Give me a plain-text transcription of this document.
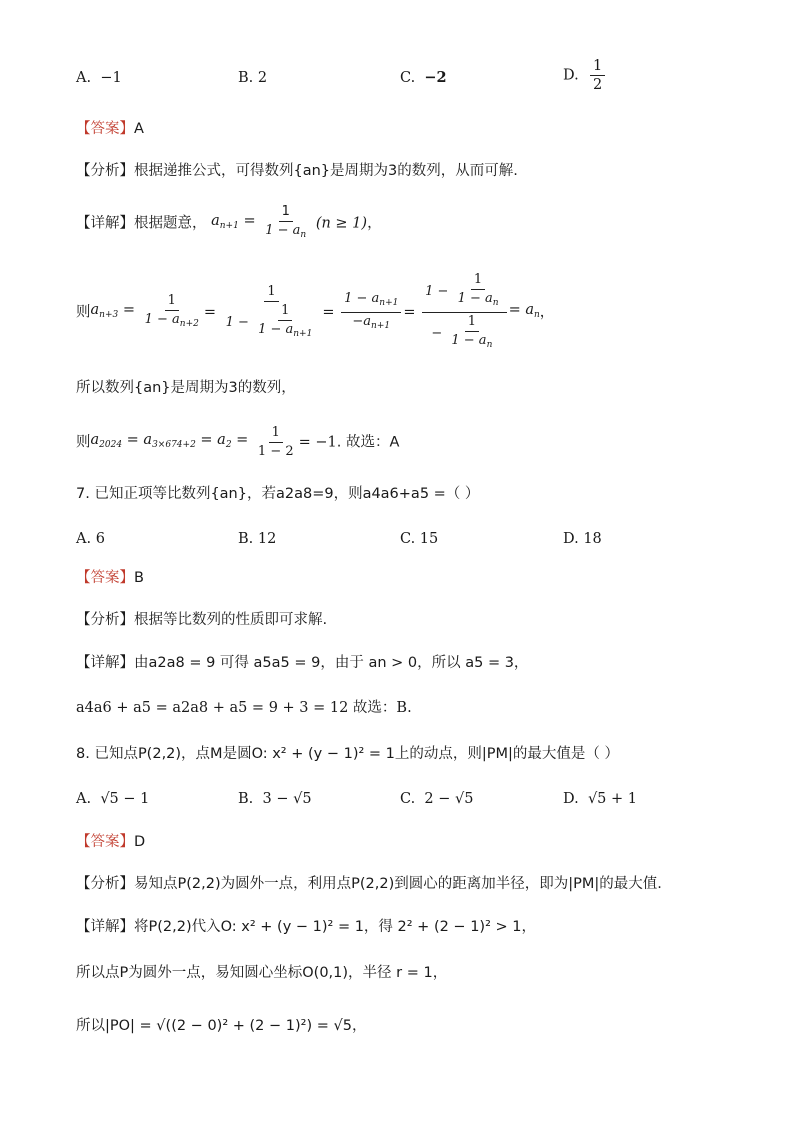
A. −1	B. 2	C. −2	D. $\frac{1}{2}$
【答案】A
【分析】根据递推公式，可得数列{an}是周期为3的数列，从而可解.
【详解】根据题意， $a_{n+1} = \frac{1}{1 - a_n} (n \ge 1)$，
则$a_{n+3} = \frac{1}{1 - a_{n+2}} = \frac{1}{1 - \frac{1}{1 - a_{n+1}}} = \frac{1 - a_{n+1}}{-a_{n+1}} = \frac{1 - \frac{1}{1 - a_n}}{- \frac{1}{1 - a_n}} = a_n$，
所以数列{an}是周期为3的数列，
则$a_{2024} = a_{3\times 674+2} = a_2 = \frac{1}{1 - 2} = -1$. 故选：A
7. 已知正项等比数列{an}，若a2a8=9，则a4a6+a5 =（ ）
A. 6	B. 12	C. 15	D. 18
【答案】B
【分析】根据等比数列的性质即可求解.
【详解】由a2a8 = 9 可得 a5a5 = 9，由于 an > 0，所以 a5 = 3，
a4a6 + a5 = a2a8 + a5 = 9 + 3 = 12 故选：B.
8. 已知点P(2,2)，点M是圆O: x² + (y − 1)² = 1上的动点，则|PM|的最大值是（ ）
A. √5 − 1	B. 3 − √5	C. 2 − √5	D. √5 + 1
【答案】D
【分析】易知点P(2,2)为圆外一点，利用点P(2,2)到圆心的距离加半径，即为|PM|的最大值.
【详解】将P(2,2)代入O: x² + (y − 1)² = 1，得 2² + (2 − 1)² > 1，
所以点P为圆外一点，易知圆心坐标O(0,1)，半径 r = 1，
所以|PO| = √((2 − 0)² + (2 − 1)²) = √5，
